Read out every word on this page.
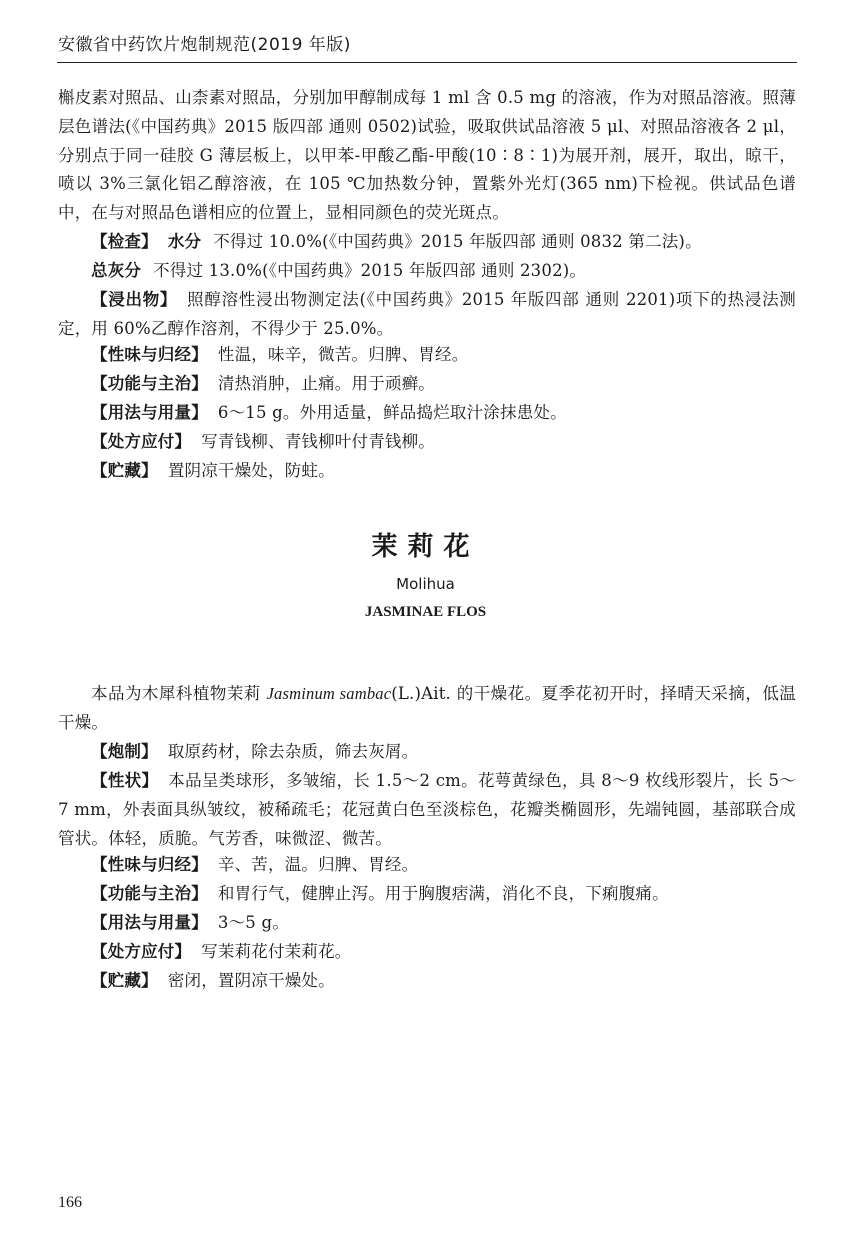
安徽省中药饮片炮制规范(2019 年版)
槲皮素对照品、山柰素对照品，分别加甲醇制成每 1 ml 含 0.5 mg 的溶液，作为对照品溶液。照薄层色谱法(《中国药典》2015 版四部 通则 0502)试验，吸取供试品溶液 5 μl、对照品溶液各 2 μl，分别点于同一硅胶 G 薄层板上，以甲苯-甲酸乙酯-甲酸(10∶8∶1)为展开剂，展开，取出，晾干，喷以 3%三氯化铝乙醇溶液，在 105 ℃加热数分钟，置紫外光灯(365 nm)下检视。供试品色谱中，在与对照品色谱相应的位置上，显相同颜色的荧光斑点。
【检查】 水分 不得过 10.0%(《中国药典》2015 年版四部 通则 0832 第二法)。
总灰分 不得过 13.0%(《中国药典》2015 年版四部 通则 2302)。
【浸出物】 照醇溶性浸出物测定法(《中国药典》2015 年版四部 通则 2201)项下的热浸法测定，用 60%乙醇作溶剂，不得少于 25.0%。
【性味与归经】 性温，味辛，微苦。归脾、胃经。
【功能与主治】 清热消肿，止痛。用于顽癣。
【用法与用量】 6～15 g。外用适量，鲜品捣烂取汁涂抹患处。
【处方应付】 写青钱柳、青钱柳叶付青钱柳。
【贮藏】 置阴凉干燥处，防蛀。
茉莉花
Molihua
JASMINAE FLOS
本品为木犀科植物茉莉 Jasminum sambac(L.)Ait. 的干燥花。夏季花初开时，择晴天采摘，低温干燥。
【炮制】 取原药材，除去杂质，筛去灰屑。
【性状】 本品呈类球形，多皱缩，长 1.5～2 cm。花萼黄绿色，具 8～9 枚线形裂片，长 5～7 mm，外表面具纵皱纹，被稀疏毛；花冠黄白色至淡棕色，花瓣类椭圆形，先端钝圆，基部联合成管状。体轻，质脆。气芳香，味微涩、微苦。
【性味与归经】 辛、苦，温。归脾、胃经。
【功能与主治】 和胃行气，健脾止泻。用于胸腹痞满，消化不良，下痢腹痛。
【用法与用量】 3～5 g。
【处方应付】 写茉莉花付茉莉花。
【贮藏】 密闭，置阴凉干燥处。
166
